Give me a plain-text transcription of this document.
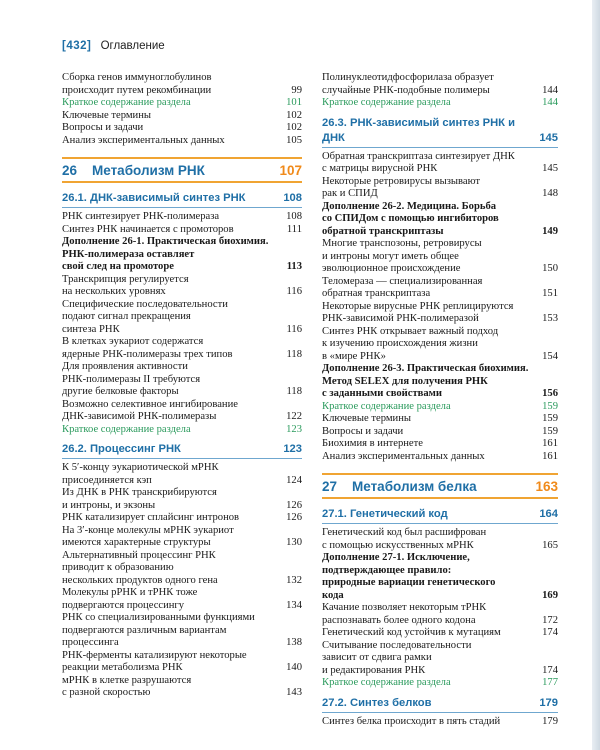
[432] Оглавление
Сборка генов иммуноглобулинов
происходит путем рекомбинации	99
Краткое содержание раздела	101
Ключевые термины	102
Вопросы и задачи	102
Анализ экспериментальных данных	105
26	Метаболизм РНК	107
26.1. ДНК-зависимый синтез РНК	108
РНК синтезирует РНК-полимераза	108
Синтез РНК начинается с промоторов	111
Дополнение 26-1. Практическая биохимия.
РНК-полимераза оставляет
свой след на промоторе	113
Транскрипция регулируется
на нескольких уровнях	116
Специфические последовательности
подают сигнал прекращения
синтеза РНК	116
В клетках эукариот содержатся
ядерные РНК-полимеразы трех типов	118
Для проявления активности
РНК-полимеразы II требуются
другие белковые факторы	118
Возможно селективное ингибирование
ДНК-зависимой РНК-полимеразы	122
Краткое содержание раздела	123
26.2. Процессинг РНК	123
К 5′-концу эукариотической мРНК
присоединяется кэп	124
Из ДНК в РНК транскрибируются
и интроны, и экзоны	126
РНК катализирует сплайсинг интронов	126
На 3′-конце молекулы мРНК эукариот
имеются характерные структуры	130
Альтернативный процессинг РНК
приводит к образованию
нескольких продуктов одного гена	132
Молекулы рРНК и тРНК тоже
подвергаются процессингу	134
РНК со специализированными функциями
подвергаются различным вариантам
процессинга	138
РНК-ферменты катализируют некоторые
реакции метаболизма РНК	140
мРНК в клетке разрушаются
с разной скоростью	143
Полинуклеотидфосфорилаза образует
случайные РНК-подобные полимеры	144
Краткое содержание раздела	144
26.3. РНК-зависимый синтез РНК и ДНК	145
Обратная транскриптаза синтезирует ДНК
с матрицы вирусной РНК	145
Некоторые ретровирусы вызывают
рак и СПИД	148
Дополнение 26-2. Медицина. Борьба
со СПИДом с помощью ингибиторов
обратной транскриптазы	149
Многие транспозоны, ретровирусы
и интроны могут иметь общее
эволюционное происхождение	150
Теломераза — специализированная
обратная транскриптаза	151
Некоторые вирусные РНК реплицируются
РНК-зависимой РНК-полимеразой	153
Синтез РНК открывает важный подход
к изучению происхождения жизни
в «мире РНК»	154
Дополнение 26-3. Практическая биохимия.
Метод SELEX для получения РНК
с заданными свойствами	156
Краткое содержание раздела	159
Ключевые термины	159
Вопросы и задачи	159
Биохимия в интернете	161
Анализ экспериментальных данных	161
27	Метаболизм белка	163
27.1. Генетический код	164
Генетический код был расшифрован
с помощью искусственных мРНК	165
Дополнение 27-1. Исключение,
подтверждающее правило:
природные вариации генетического
кода	169
Качание позволяет некоторым тРНК
распознавать более одного кодона	172
Генетический код устойчив к мутациям	174
Считывание последовательности
зависит от сдвига рамки
и редактирования РНК	174
Краткое содержание раздела	177
27.2. Синтез белков	179
Синтез белка происходит в пять стадий	179
